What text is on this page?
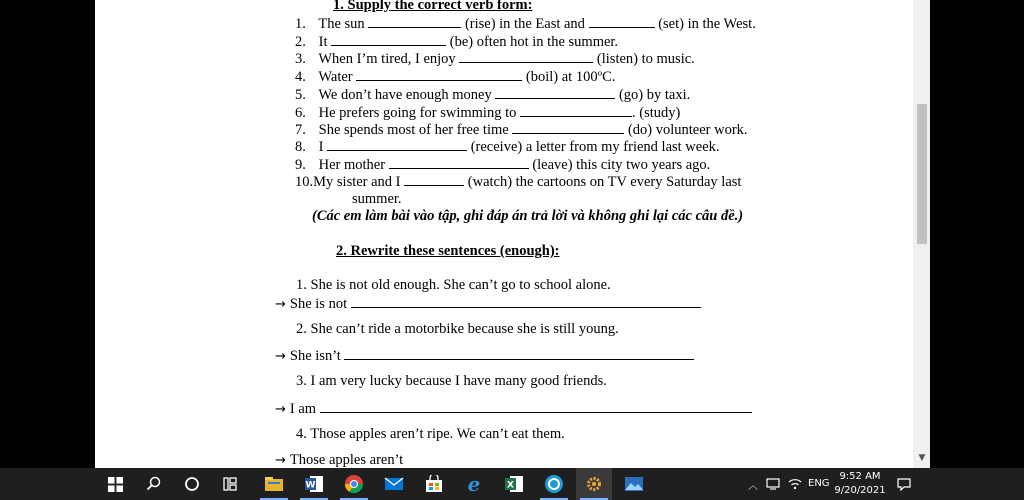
1. Supply the correct verb form:
1. The sun	(rise) in the East and	(set) in the West.
2. It	(be) often hot in the summer.
3. When I’m tired, I enjoy	(listen) to music.
4. Water	(boil) at 100ºC.
5. We don’t have enough money	(go) by taxi.
6. He prefers going for swimming to	. (study)
7. She spends most of her free time	(do) volunteer work.
8. I	(receive) a letter from my friend last week.
9. Her mother	(leave) this city two years ago.
10.My sister and I	(watch) the cartoons on TV every Saturday last
summer.
(Các em làm bài vào tập, ghi đáp án trả lời và không ghi lại các câu đề.)
2. Rewrite these sentences (enough):
1. She is not old enough. She can’t go to school alone.
→ She is not
2. She can’t ride a motorbike because she is still young.
→ She isn’t
3. I am very lucky because I have many good friends.
→ I am
4. Those apples aren’t ripe. We can’t eat them.
→ Those apples aren’t	▼
W	e	X	︿	ENG
9:52 AM
9/20/2021
